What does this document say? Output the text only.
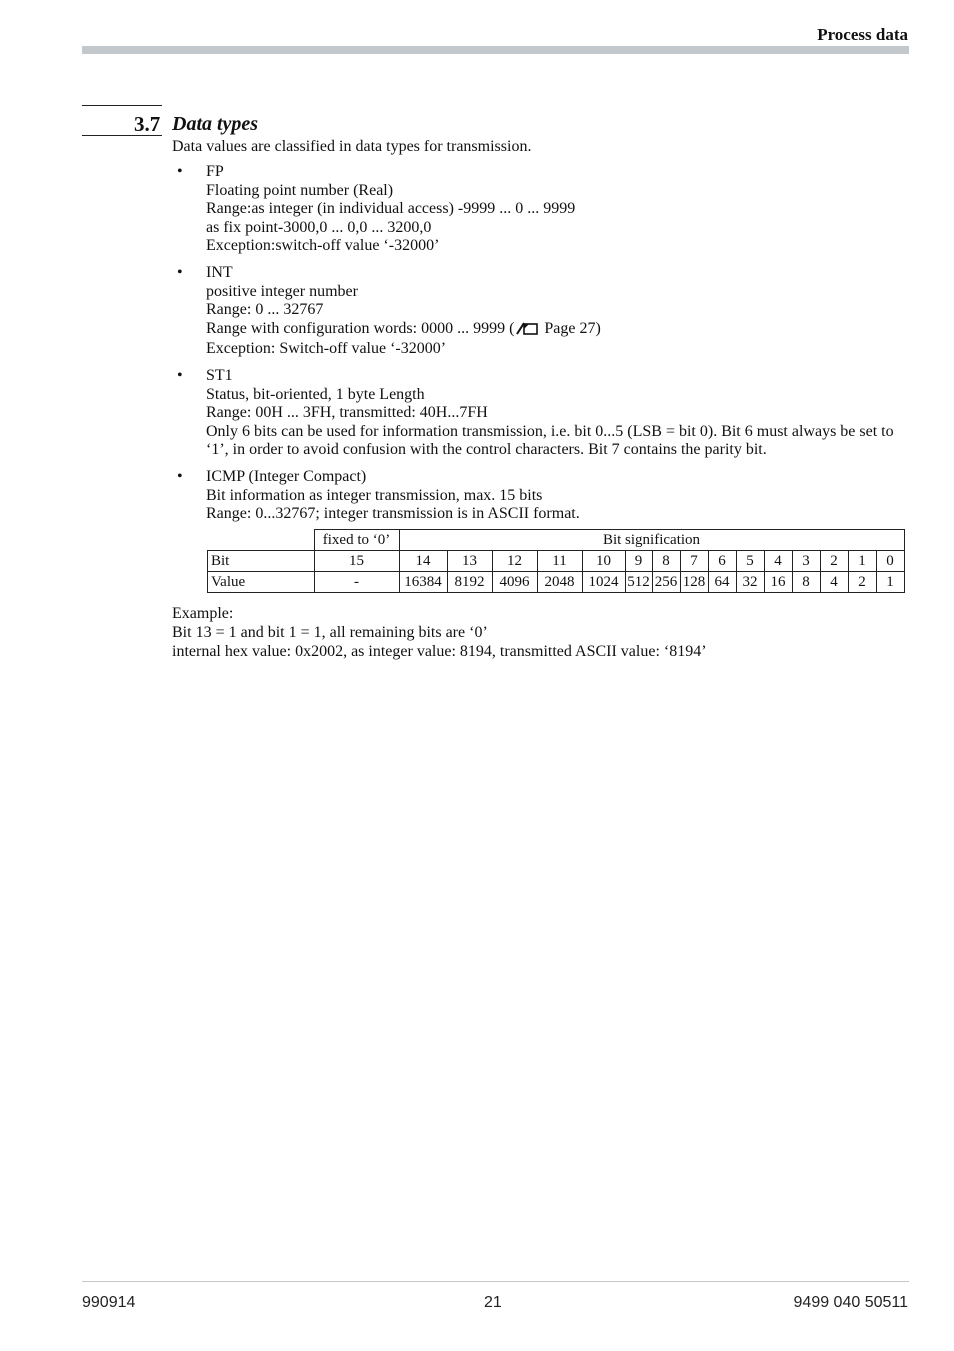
Process data
3.7 Data types
Data values are classified in data types for transmission.
• FP
Floating point number (Real)
Range:as integer (in individual access) -9999 ... 0 ... 9999
as fix point-3000,0 ... 0,0 ... 3200,0
Exception:switch-off value ‘-32000’
• INT
positive integer number
Range: 0 ... 32767
Range with configuration words: 0000 ... 9999 ( Page 27)
Exception: Switch-off value ‘-32000’
• ST1
Status, bit-oriented, 1 byte Length
Range: 00H ... 3FH, transmitted: 40H...7FH
Only 6 bits can be used for information transmission, i.e. bit 0...5 (LSB = bit 0). Bit 6 must always be set to ‘1’, in order to avoid confusion with the control characters. Bit 7 contains the parity bit.
• ICMP (Integer Compact)
Bit information as integer transmission, max. 15 bits
Range: 0...32767; integer transmission is in ASCII format.
	fixed to ‘0’	Bit signification														
Bit	15	14	13	12	11	10	9	8	7	6	5	4	3	2	1	0
Value	-	16384	8192	4096	2048	1024	512	256	128	64	32	16	8	4	2	1
Example:
Bit 13 = 1 and bit 1 = 1, all remaining bits are ‘0’
internal hex value: 0x2002, as integer value: 8194, transmitted ASCII value: ‘8194’
990914	21	9499 040 50511
